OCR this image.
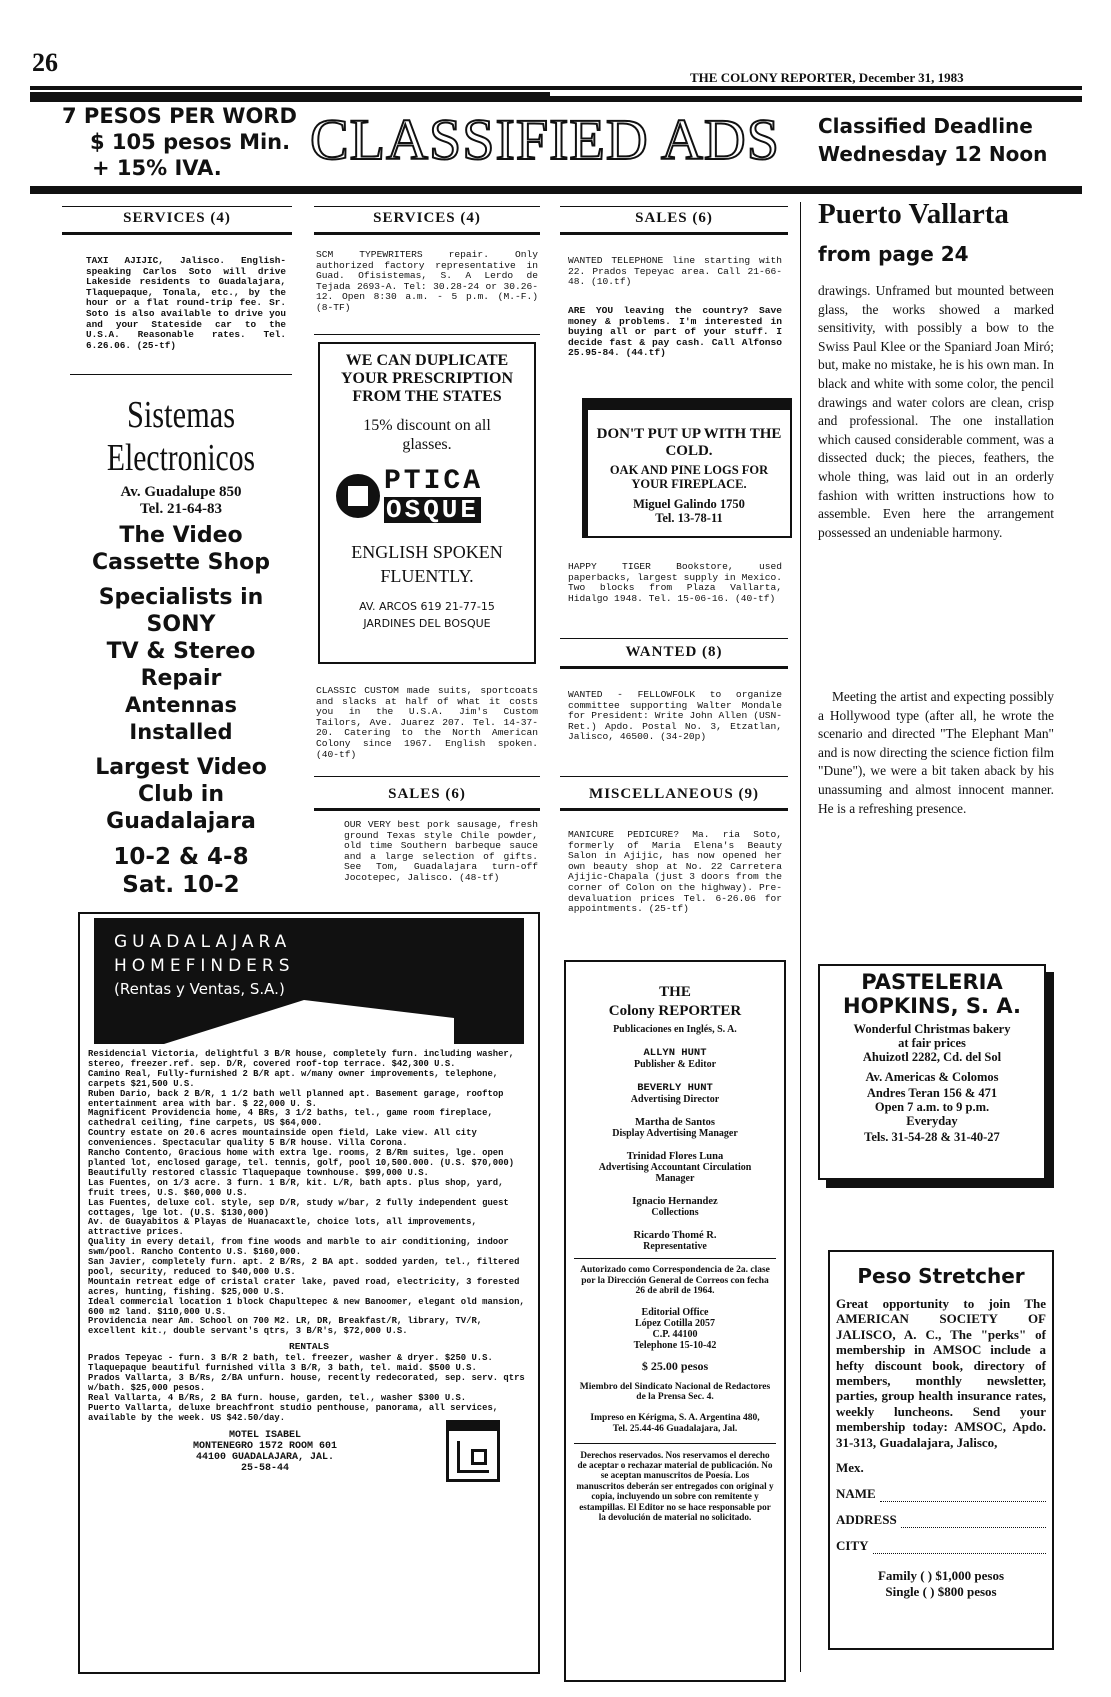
26
THE COLONY REPORTER, December 31, 1983
7 PESOS PER WORD
$ 105 pesos Min.
+ 15% IVA. CLASSIFIED ADS Classified Deadline
Wednesday 12 Noon
SERVICES (4)
TAXI AJIJIC, Jalisco. English-speaking Carlos Soto will drive Lakeside residents to Guadalajara, Tlaquepaque, Tonala, etc., by the hour or a flat round-trip fee. Sr. Soto is also available to drive you and your Stateside car to the U.S.A. Reasonable rates. Tel. 6.26.06. (25-tf)
Sistemas
Electronicos
Av. Guadalupe 850
Tel. 21-64-83
The Video
Cassette Shop
Specialists in
SONY
TV & Stereo
Repair
Antennas Installed
Largest Video
Club in
Guadalajara
10-2 & 4-8
Sat. 10-2
SERVICES (4)
SCM TYPEWRITERS repair. Only authorized factory representative in Guad. Ofisistemas, S. A Lerdo de Tejada 2693-A. Tel: 30.28-24 or 30.26-12. Open 8:30 a.m. - 5 p.m. (M.-F.) (8-TF)
WE CAN DUPLICATE YOUR PRESCRIPTION FROM THE STATES
15% discount on all glasses.
PTICA
OSQUE
ENGLISH SPOKEN FLUENTLY.
AV. ARCOS 619 21-77-15
JARDINES DEL BOSQUE
CLASSIC CUSTOM made suits, sportcoats and slacks at half of what it costs you in the U.S.A. Jim's Custom Tailors, Ave. Juarez 207. Tel. 14-37-20. Catering to the North American Colony since 1967. English spoken. (40-tf)
SALES (6)
OUR VERY best pork sausage, fresh ground Texas style Chile powder, old time Southern barbeque sauce and a large selection of gifts. See Tom, Guadalajara turn-off Jocotepec, Jalisco. (48-tf)
SALES (6)
WANTED TELEPHONE line starting with 22. Prados Tepeyac area. Call 21-66-48. (10.tf)
ARE YOU leaving the country? Save money & problems. I'm interested in buying all or part of your stuff. I decide fast & pay cash. Call Alfonso 25.95-84. (44.tf)
DON'T PUT UP WITH THE COLD.
OAK AND PINE LOGS FOR YOUR FIREPLACE.
Miguel Galindo 1750
Tel. 13-78-11
HAPPY TIGER Bookstore, used paperbacks, largest supply in Mexico. Two blocks from Plaza Vallarta, Hidalgo 1948. Tel. 15-06-16. (40-tf)
WANTED (8)
WANTED - FELLOWFOLK to organize committee supporting Walter Mondale for President: Write John Allen (USN-Ret.) Apdo. Postal No. 3, Etzatlan, Jalisco, 46500. (34-20p)
MISCELLANEOUS (9)
MANICURE PEDICURE? Ma. ria Soto, formerly of Maria Elena's Beauty Salon in Ajijic, has now opened her own beauty shop at No. 22 Carretera Ajijic-Chapala (just 3 doors from the corner of Colon on the highway). Pre-devaluation prices Tel. 6-26.06 for appointments. (25-tf)
THE
Colony REPORTER
Publicaciones en Inglés, S. A.
ALLYN HUNT
Publisher & Editor
BEVERLY HUNT
Advertising Director
Martha de Santos
Display Advertising Manager
Trinidad Flores Luna
Advertising Accountant Circulation Manager
Ignacio Hernandez
Collections
Ricardo Thomé R.
Representative
Autorizado como Correspondencia de 2a. clase por la Dirección General de Correos con fecha 26 de abril de 1964.
Editorial Office
López Cotilla 2057
C.P. 44100
Telephone 15-10-42
$ 25.00 pesos
Miembro del Sindicato Nacional de Redactores de la Prensa Sec. 4.
Impreso en Kérigma, S. A. Argentina 480, Tel. 25.44-46 Guadalajara, Jal.
Derechos reservados. Nos reservamos el derecho de aceptar o rechazar material de publicación. No se aceptan manuscritos de Poesía. Los manuscritos deberán ser entregados con original y copia, incluyendo un sobre con remitente y estampillas. El Editor no se hace responsable por la devolución de material no solicitado.
Puerto Vallarta
from page 24
drawings. Unframed but mounted between glass, the works showed a marked sensitivity, with possibly a bow to the Swiss Paul Klee or the Spaniard Joan Miró; but, make no mistake, he is his own man. In black and white with some color, the pencil drawings and water colors are clean, crisp and professional. The one installation which caused considerable comment, was a dissected duck; the pieces, feathers, the whole thing, was laid out in an orderly fashion with written instructions how to assemble. Even here the arrangement possessed an undeniable harmony.
Meeting the artist and expecting possibly a Hollywood type (after all, he wrote the scenario and directed "The Elephant Man" and is now directing the science fiction film "Dune"), we were a bit taken aback by his unassuming and almost innocent manner. He is a refreshing presence.
PASTELERIA
HOPKINS, S. A.
Wonderful Christmas bakery at fair prices
Ahuizotl 2282, Cd. del Sol
Av. Americas & Colomos
Andres Teran 156 & 471
Open 7 a.m. to 9 p.m. Everyday
Tels. 31-54-28 & 31-40-27
Peso Stretcher
Great opportunity to join The AMERICAN SOCIETY OF JALISCO, A. C., The "perks" of membership in AMSOC include a hefty discount book, directory of members, monthly newsletter, parties, group health insurance rates, weekly luncheons. Send your membership today: AMSOC, Apdo. 31-313, Guadalajara, Jalisco,
Mex.
NAME
ADDRESS
CITY
Family ( ) $1,000 pesos
Single ( ) $800 pesos
GUADALAJARA
HOMEFINDERS
(Rentas y Ventas, S.A.)
Residencial Victoria, delightful 3 B/R house, completely furn. including washer, stereo, freezer.ref. sep. D/R, covered roof-top terrace. $42,300 U.S.
Camino Real, Fully-furnished 2 B/R apt. w/many owner improvements, telephone, carpets $21,500 U.S.
Ruben Dario, back 2 B/R, 1 1/2 bath well planned apt. Basement garage, rooftop entertainment area with bar. $ 22,000 U. S.
Magnificent Providencia home, 4 BRs, 3 1/2 baths, tel., game room fireplace, cathedral ceiling, fine carpets, US $64,000.
Country estate on 20.6 acres mountainside open field, Lake view. All city conveniences. Spectacular quality 5 B/R house. Villa Corona.
Rancho Contento, Gracious home with extra lge. rooms, 2 B/Rm suites, lge. open planted lot, enclosed garage, tel. tennis, golf, pool 10,500.000. (U.S. $70,000)
Beautifully restored classic Tlaquepaque townhouse. $99,000 U.S.
Las Fuentes, on 1/3 acre. 3 furn. 1 B/R, kit. L/R, bath apts. plus shop, yard, fruit trees, U.S. $60,000 U.S.
Las Fuentes, deluxe col. style, sep D/R, study w/bar, 2 fully independent guest cottages, lge lot. (U.S. $130,000)
Av. de Guayabitos & Playas de Huanacaxtle, choice lots, all improvements, attractive prices.
Quality in every detail, from fine woods and marble to air conditioning, indoor swm/pool. Rancho Contento U.S. $160,000.
San Javier, completely furn. apt. 2 B/Rs, 2 BA apt. sodded yarden, tel., filtered pool, security, reduced to $40,000 U.S.
Mountain retreat edge of cristal crater lake, paved road, electricity, 3 forested acres, hunting, fishing. $25,000 U.S.
Ideal commercial location 1 block Chapultepec & new Banoomer, elegant old mansion, 600 m2 land. $110,000 U.S.
Providencia near Am. School on 700 M2. LR, DR, Breakfast/R, library, TV/R, excellent kit., double servant's qtrs, 3 B/R's, $72,000 U.S.
RENTALS
Prados Tepeyac - furn. 3 B/R 2 bath, tel. freezer, washer & dryer. $250 U.S.
Tlaquepaque beautiful furnished villa 3 B/R, 3 bath, tel. maid. $500 U.S.
Prados Vallarta, 3 B/Rs, 2/BA unfurn. house, recently redecorated, sep. serv. qtrs w/bath. $25,000 pesos.
Real Vallarta, 4 B/Rs, 2 BA furn. house, garden, tel., washer $300 U.S.
Puerto Vallarta, deluxe breachfront studio penthouse, panorama, all services, available by the week. US $42.50/day.
MOTEL ISABEL
MONTENEGRO 1572 ROOM 601
44100 GUADALAJARA, JAL.
25-58-44
